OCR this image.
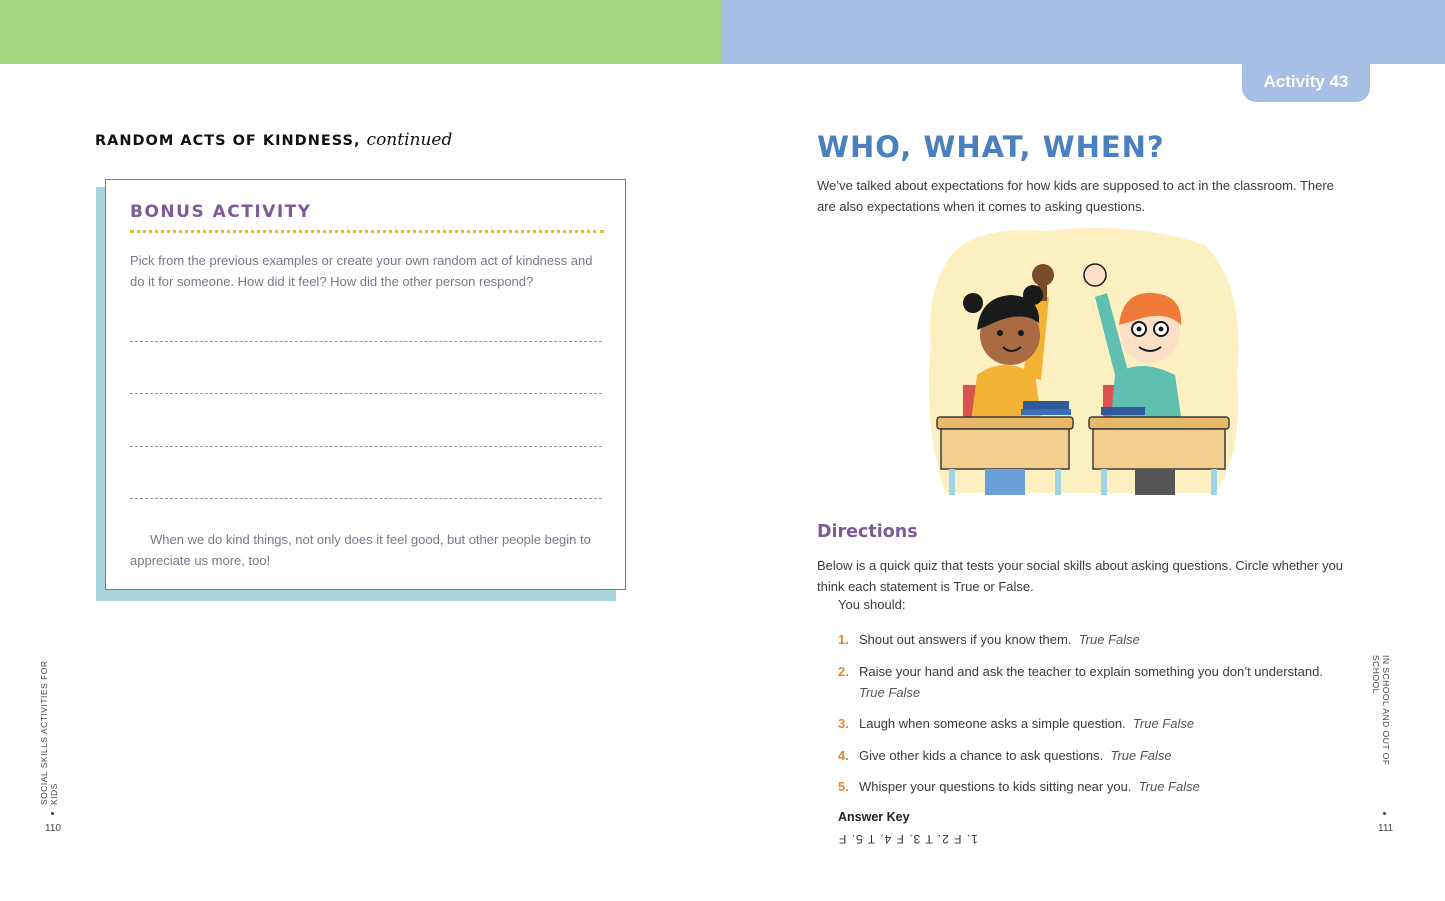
Activity 43
RANDOM ACTS OF KINDNESS, continued
BONUS ACTIVITY
Pick from the previous examples or create your own random act of kindness and do it for someone. How did it feel? How did the other person respond?
When we do kind things, not only does it feel good, but other people begin to appreciate us more, too!
SOCIAL SKILLS ACTIVITIES FOR KIDS
110
WHO, WHAT, WHEN?
We’ve talked about expectations for how kids are supposed to act in the classroom. There are also expectations when it comes to asking questions.
Directions
Below is a quick quiz that tests your social skills about asking questions. Circle whether you think each statement is True or False.
You should:
1. Shout out answers if you know them. True False
2. Raise your hand and ask the teacher to explain something you don’t understand.  True False
3. Laugh when someone asks a simple question. True False
4. Give other kids a chance to ask questions. True False
5. Whisper your questions to kids sitting near you. True False
Answer Key
1. F 2. T 3. F 4. T 5. F
IN SCHOOL AND OUT OF SCHOOL
111
